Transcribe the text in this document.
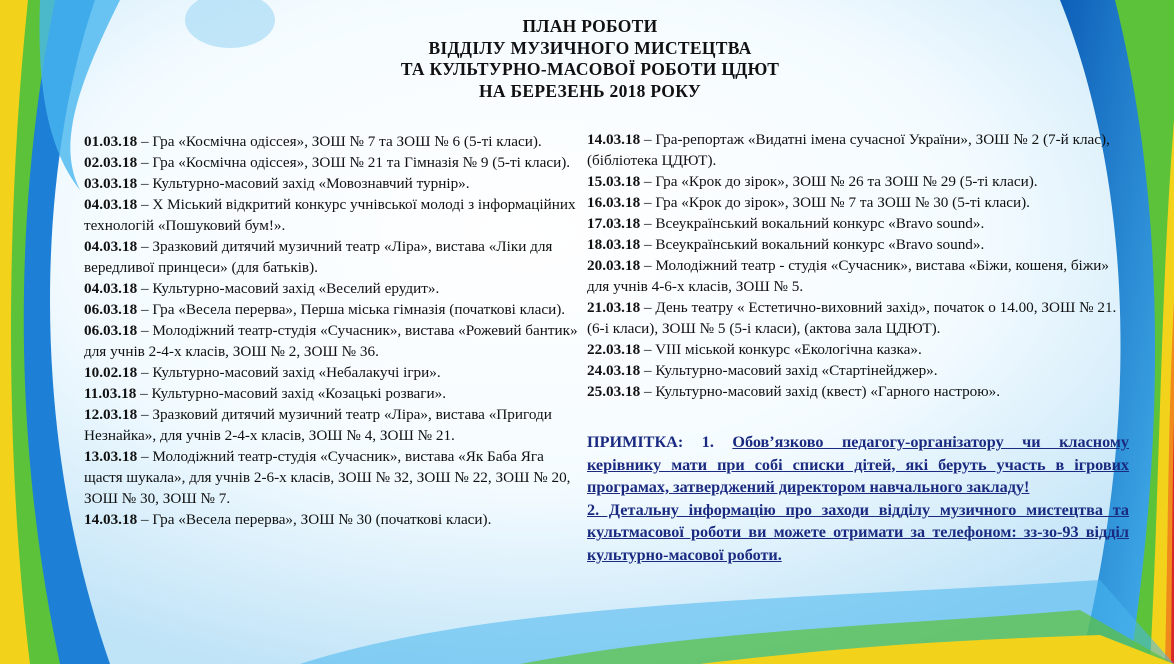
ПЛАН РОБОТИ
ВІДДІЛУ МУЗИЧНОГО МИСТЕЦТВА
ТА КУЛЬТУРНО-МАСОВОЇ РОБОТИ ЦДЮТ
НА БЕРЕЗЕНЬ 2018 РОКУ

01.03.18 – Гра «Космічна одіссея», ЗОШ № 7 та ЗОШ № 6 (5-ті класи).

02.03.18 – Гра «Космічна одіссея», ЗОШ № 21 та Гімназія № 9 (5-ті класи).

03.03.18 – Культурно-масовий захід «Мовознавчий турнір».

04.03.18 – Х Міський відкритий конкурс учнівської молоді з інформаційних технологій «Пошуковий бум!».

04.03.18 – Зразковий дитячий музичний театр «Ліра», вистава «Ліки для вередливої принцеси» (для батьків).

04.03.18 – Культурно-масовий захід «Веселий ерудит».

06.03.18 – Гра «Весела перерва», Перша міська гімназія (початкові класи).

06.03.18 – Молодіжний театр-студія «Сучасник», вистава «Рожевий бантик» для учнів 2-4-х класів, ЗОШ № 2, ЗОШ № 36.

10.02.18 – Культурно-масовий захід «Небалакучі ігри».

11.03.18 – Культурно-масовий захід «Козацькі розваги».

12.03.18 – Зразковий дитячий музичний театр «Ліра», вистава «Пригоди Незнайка», для учнів 2-4-х класів, ЗОШ № 4, ЗОШ № 21.

13.03.18 – Молодіжний театр-студія «Сучасник», вистава «Як Баба Яга щастя шукала», для учнів 2-6-х класів, ЗОШ № 32, ЗОШ № 22, ЗОШ № 20, ЗОШ № 30, ЗОШ № 7.

14.03.18 – Гра «Весела перерва», ЗОШ № 30 (початкові класи).

14.03.18 – Гра-репортаж «Видатні імена сучасної України», ЗОШ № 2 (7-й клас), (бібліотека ЦДЮТ).

15.03.18 – Гра «Крок до зірок», ЗОШ № 26 та ЗОШ № 29 (5-ті класи).

16.03.18 – Гра «Крок до зірок», ЗОШ № 7 та ЗОШ № 30 (5-ті класи).

17.03.18 – Всеукраїнський вокальний конкурс «Bravo sound».

18.03.18 – Всеукраїнський вокальний конкурс «Bravo sound».

20.03.18 – Молодіжний театр - студія «Сучасник», вистава «Біжи, кошеня, біжи» для учнів 4-6-х класів, ЗОШ № 5.

21.03.18 – День театру « Естетично-виховний захід», початок о 14.00, ЗОШ № 21.(6-і класи), ЗОШ № 5 (5-і класи), (актова зала ЦДЮТ).

22.03.18 – VIII міськой конкурс «Екологічна казка».

24.03.18 – Культурно-масовий захід «Стартінейджер».

25.03.18 – Культурно-масовий захід (квест) «Гарного настрою».

ПРИМІТКА: 1. Обов’язково педагогу-організатору чи класному керівнику мати при собі списки дітей, які беруть участь в ігрових програмах, затверджений директором навчального закладу!

2. Детальну інформацію про заходи відділу музичного мистецтва та культмасової роботи ви можете отримати за телефоном: зз-зо-93 відділ культурно-масової роботи.
